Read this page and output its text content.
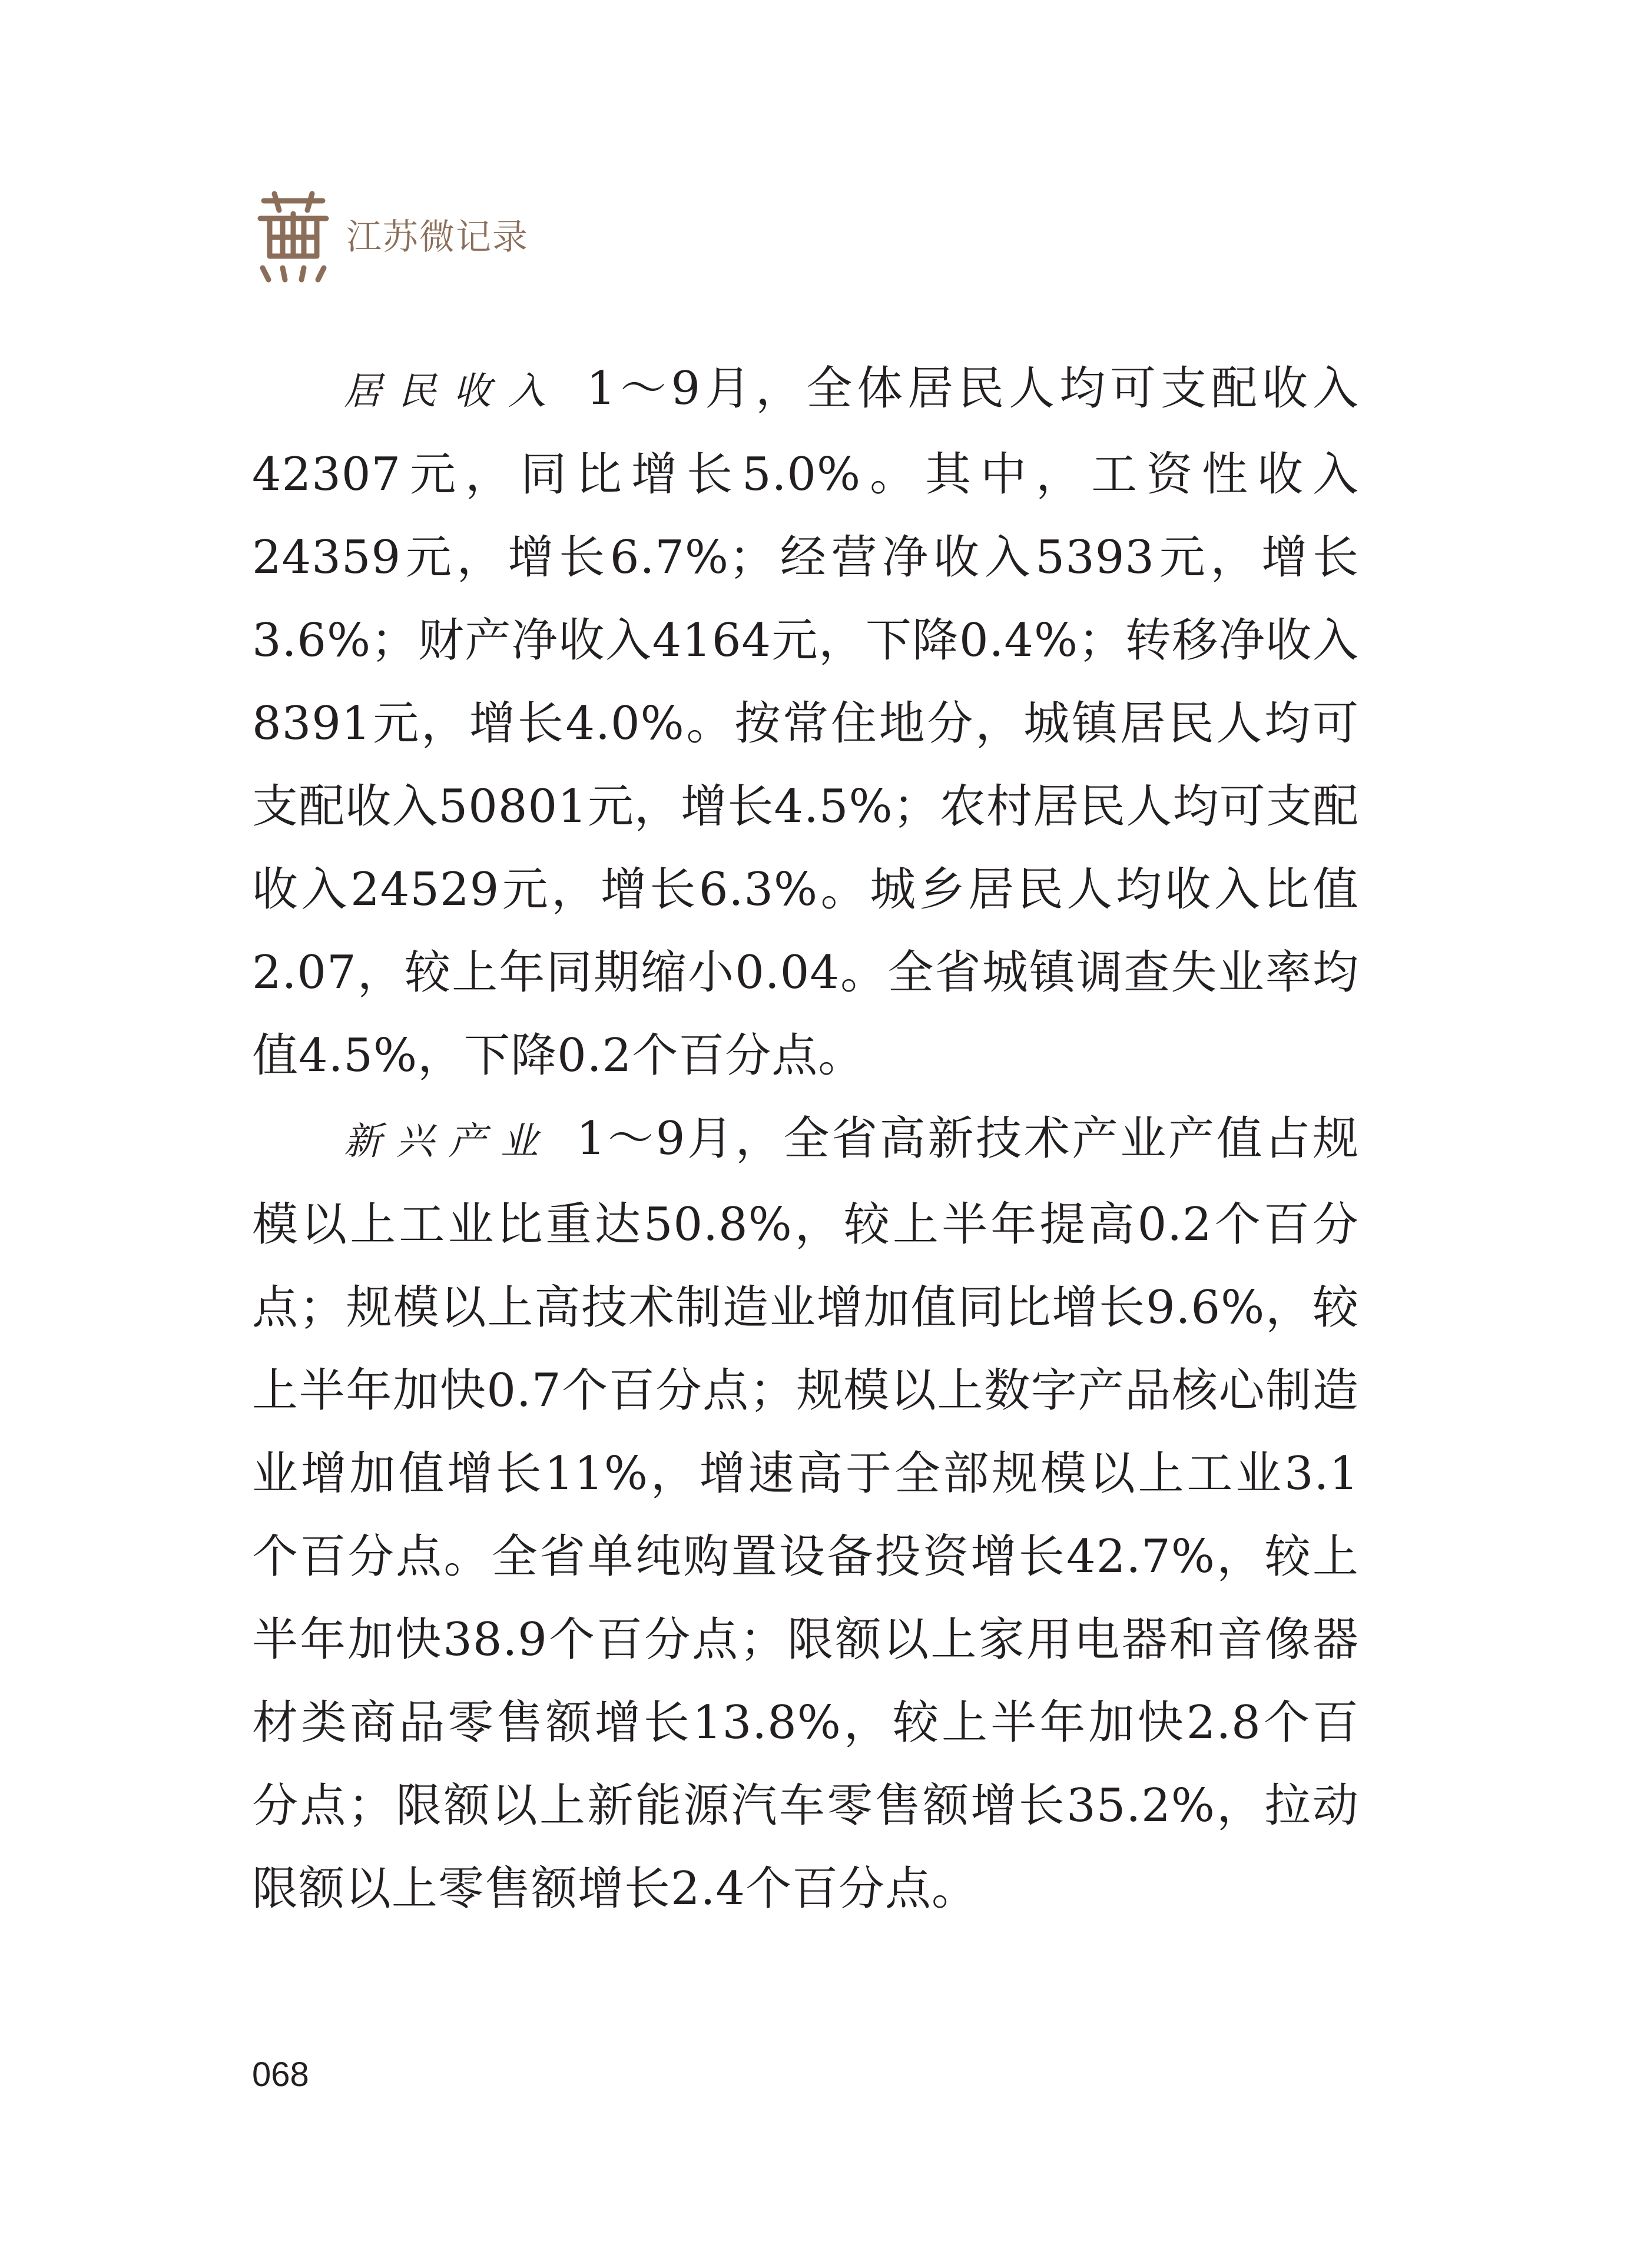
江苏微记录

居民收入 1～9月，全体居民人均可支配收入42307元，同比增长5.0%。其中，工资性收入24359元，增长6.7%；经营净收入5393元，增长3.6%；财产净收入4164元，下降0.4%；转移净收入8391元，增长4.0%。按常住地分，城镇居民人均可支配收入50801元，增长4.5%；农村居民人均可支配收入24529元，增长6.3%。城乡居民人均收入比值2.07，较上年同期缩小0.04。全省城镇调查失业率均值4.5%，下降0.2个百分点。

新兴产业 1～9月，全省高新技术产业产值占规模以上工业比重达50.8%，较上半年提高0.2个百分点；规模以上高技术制造业增加值同比增长9.6%，较上半年加快0.7个百分点；规模以上数字产品核心制造业增加值增长11%，增速高于全部规模以上工业3.1个百分点。全省单纯购置设备投资增长42.7%，较上半年加快38.9个百分点；限额以上家用电器和音像器材类商品零售额增长13.8%，较上半年加快2.8个百分点；限额以上新能源汽车零售额增长35.2%，拉动限额以上零售额增长2.4个百分点。

068
